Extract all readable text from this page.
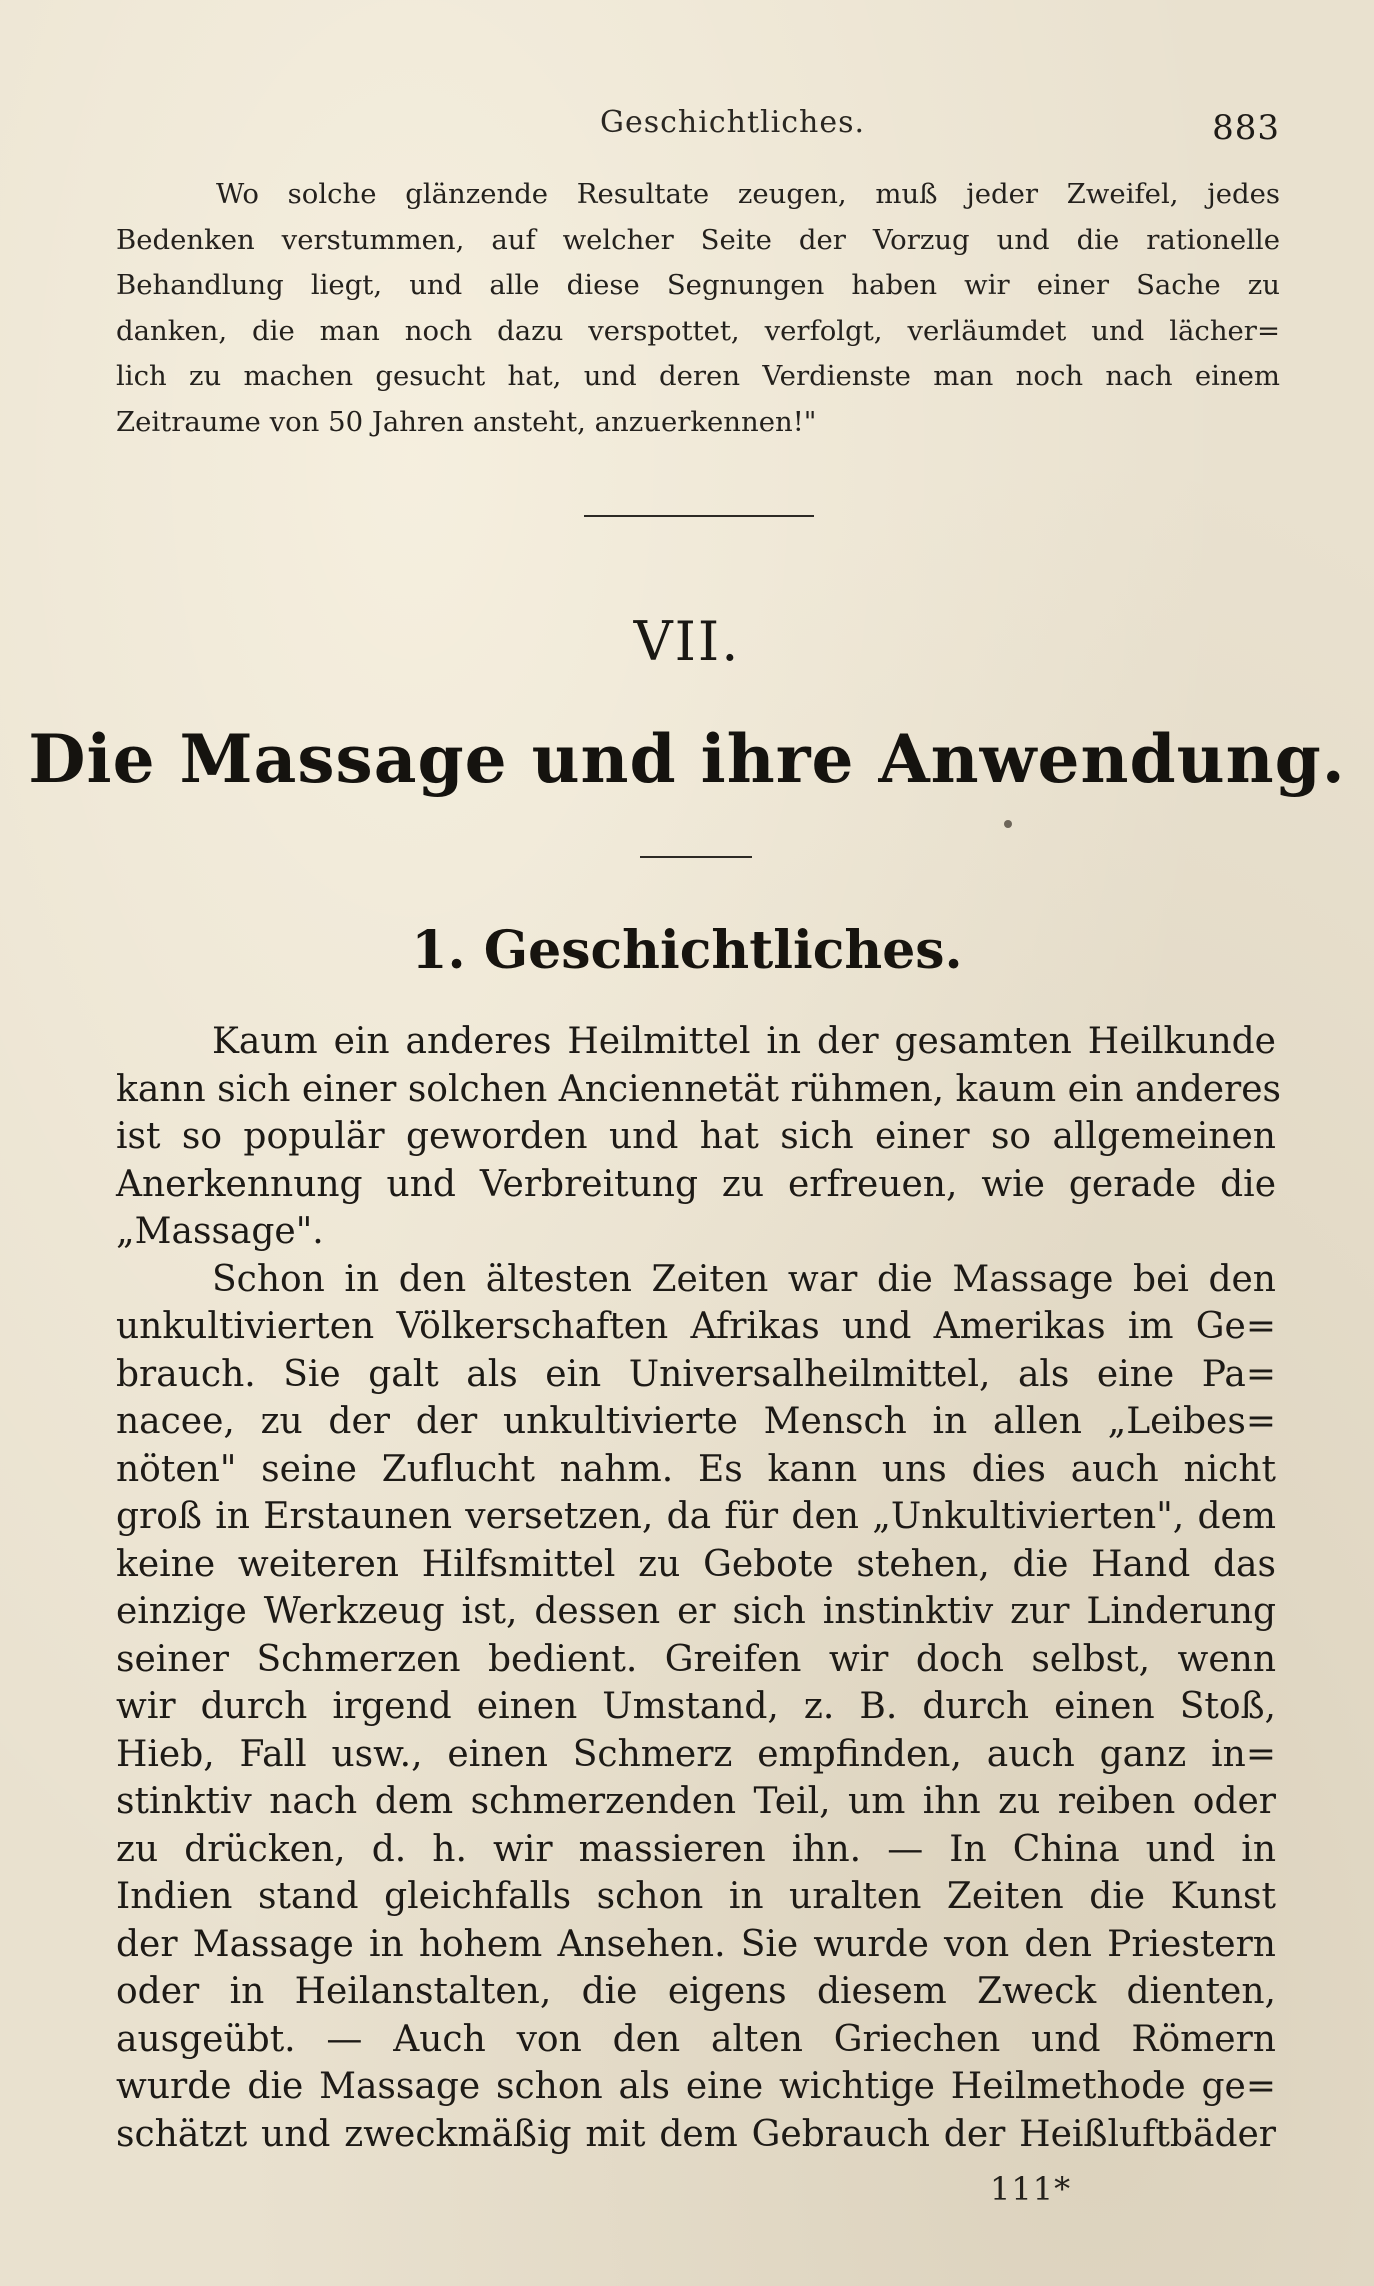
Geschichtliches.	883
Wo solche glänzende Resultate zeugen, muß jeder Zweifel, jedes
Bedenken verstummen, auf welcher Seite der Vorzug und die rationelle
Behandlung liegt, und alle diese Segnungen haben wir einer Sache zu
danken, die man noch dazu verspottet, verfolgt, verläumdet und lächer=
lich zu machen gesucht hat, und deren Verdienste man noch nach einem
Zeitraume von 50 Jahren ansteht, anzuerkennen!"
VII.
Die Massage und ihre Anwendung.
1. Geschichtliches.
Kaum ein anderes Heilmittel in der gesamten Heilkunde
kann sich einer solchen Anciennetät rühmen, kaum ein anderes
ist so populär geworden und hat sich einer so allgemeinen
Anerkennung und Verbreitung zu erfreuen, wie gerade die
„Massage".
Schon in den ältesten Zeiten war die Massage bei den
unkultivierten Völkerschaften Afrikas und Amerikas im Ge=
brauch. Sie galt als ein Universalheilmittel, als eine Pa=
nacee, zu der der unkultivierte Mensch in allen „Leibes=
nöten" seine Zuflucht nahm. Es kann uns dies auch nicht
groß in Erstaunen versetzen, da für den „Unkultivierten", dem
keine weiteren Hilfsmittel zu Gebote stehen, die Hand das
einzige Werkzeug ist, dessen er sich instinktiv zur Linderung
seiner Schmerzen bedient. Greifen wir doch selbst, wenn
wir durch irgend einen Umstand, z. B. durch einen Stoß,
Hieb, Fall usw., einen Schmerz empfinden, auch ganz in=
stinktiv nach dem schmerzenden Teil, um ihn zu reiben oder
zu drücken, d. h. wir massieren ihn. — In China und in
Indien stand gleichfalls schon in uralten Zeiten die Kunst
der Massage in hohem Ansehen. Sie wurde von den Priestern
oder in Heilanstalten, die eigens diesem Zweck dienten,
ausgeübt. — Auch von den alten Griechen und Römern
wurde die Massage schon als eine wichtige Heilmethode ge=
schätzt und zweckmäßig mit dem Gebrauch der Heißluftbäder
111*
